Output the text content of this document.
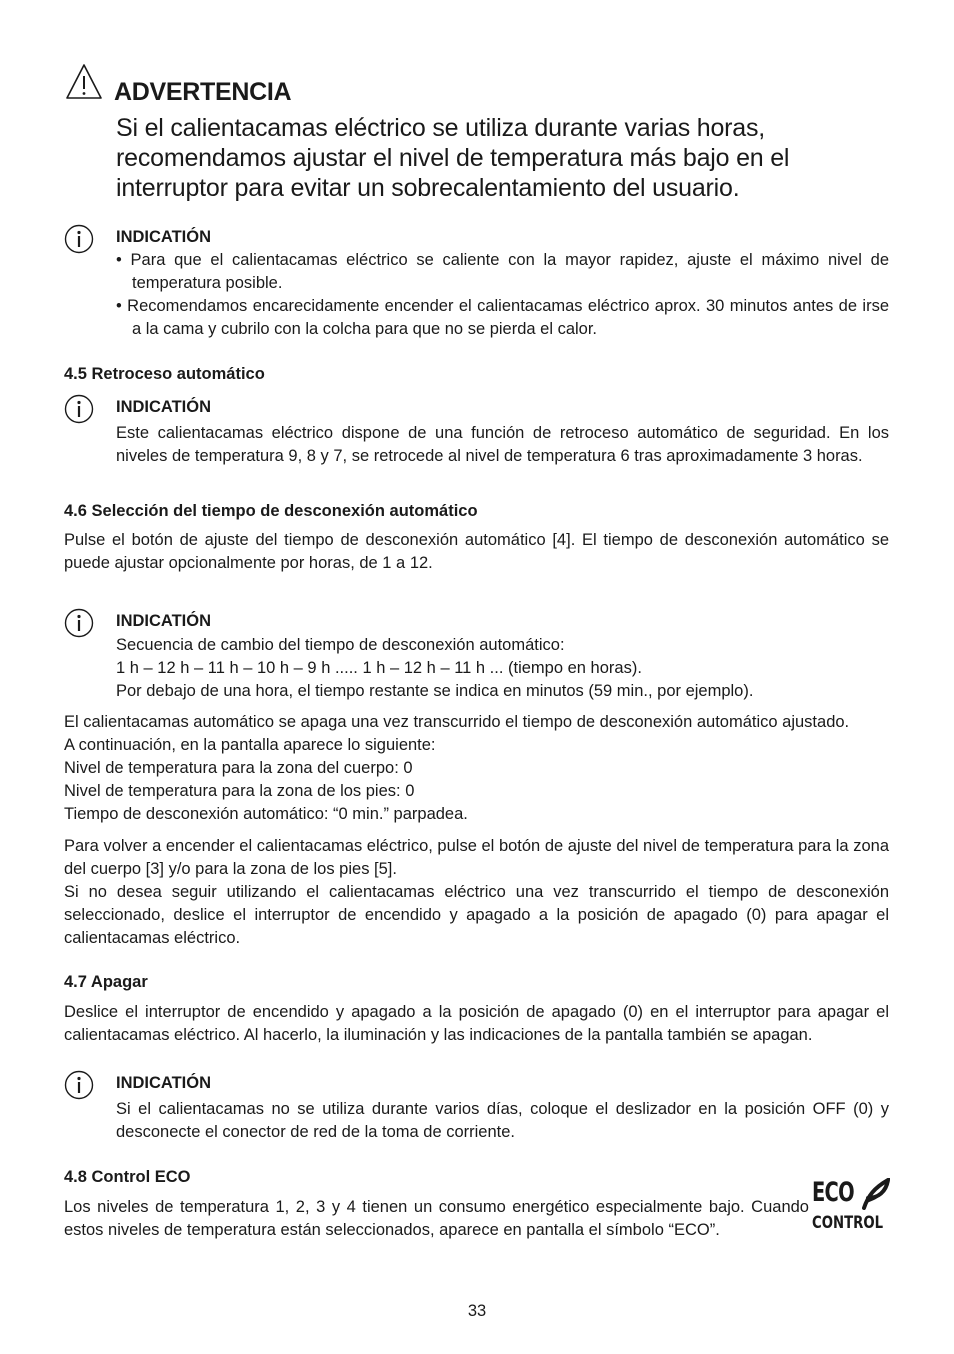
ADVERTENCIA
Si el calientacamas eléctrico se utiliza durante varias horas, recomendamos ajustar el nivel de temperatura más bajo en el interruptor para evitar un sobrecalentamiento del usuario.
INDICATIÓN
• Para que el calientacamas eléctrico se caliente con la mayor rapidez, ajuste el máximo nivel de temperatura posible.
• Recomendamos encarecidamente encender el calientacamas eléctrico aprox. 30 minutos antes de irse a la cama y cubrilo con la colcha para que no se pierda el calor.
4.5 Retroceso automático
INDICATIÓN
Este calientacamas eléctrico dispone de una función de retroceso automático de seguridad. En los niveles de temperatura 9, 8 y 7, se retrocede al nivel de temperatura 6 tras aproximadamente 3 horas.
4.6 Selección del tiempo de desconexión automático
Pulse el botón de ajuste del tiempo de desconexión automático [4]. El tiempo de desconexión automático se puede ajustar opcionalmente por horas, de 1 a 12.
INDICATIÓN
Secuencia de cambio del tiempo de desconexión automático:
1 h – 12 h – 11 h – 10 h – 9 h ..... 1 h – 12 h – 11 h ... (tiempo en horas).
Por debajo de una hora, el tiempo restante se indica en minutos (59 min., por ejemplo).
El calientacamas automático se apaga una vez transcurrido el tiempo de desconexión automático ajustado.
A continuación, en la pantalla aparece lo siguiente:
Nivel de temperatura para la zona del cuerpo: 0
Nivel de temperatura para la zona de los pies: 0
Tiempo de desconexión automático: “0 min.” parpadea.
Para volver a encender el calientacamas eléctrico, pulse el botón de ajuste del nivel de temperatura para la zona del cuerpo [3] y/o para la zona de los pies [5].
Si no desea seguir utilizando el calientacamas eléctrico una vez transcurrido el tiempo de desconexión seleccionado, deslice el interruptor de encendido y apagado a la posición de apagado (0) para apagar el calientacamas eléctrico.
4.7 Apagar
Deslice el interruptor de encendido y apagado a la posición de apagado (0) en el interruptor para apagar el calientacamas eléctrico. Al hacerlo, la iluminación y las indicaciones de la pantalla también se apagan.
INDICATIÓN
Si el calientacamas no se utiliza durante varios días, coloque el deslizador en la posición OFF (0) y desconecte el conector de red de la toma de corriente.
4.8 Control ECO
Los niveles de temperatura 1, 2, 3 y 4 tienen un consumo energético especialmente bajo. Cuando estos niveles de temperatura están seleccionados, aparece en pantalla el símbolo “ECO”.
ECO
CONTROL
33
